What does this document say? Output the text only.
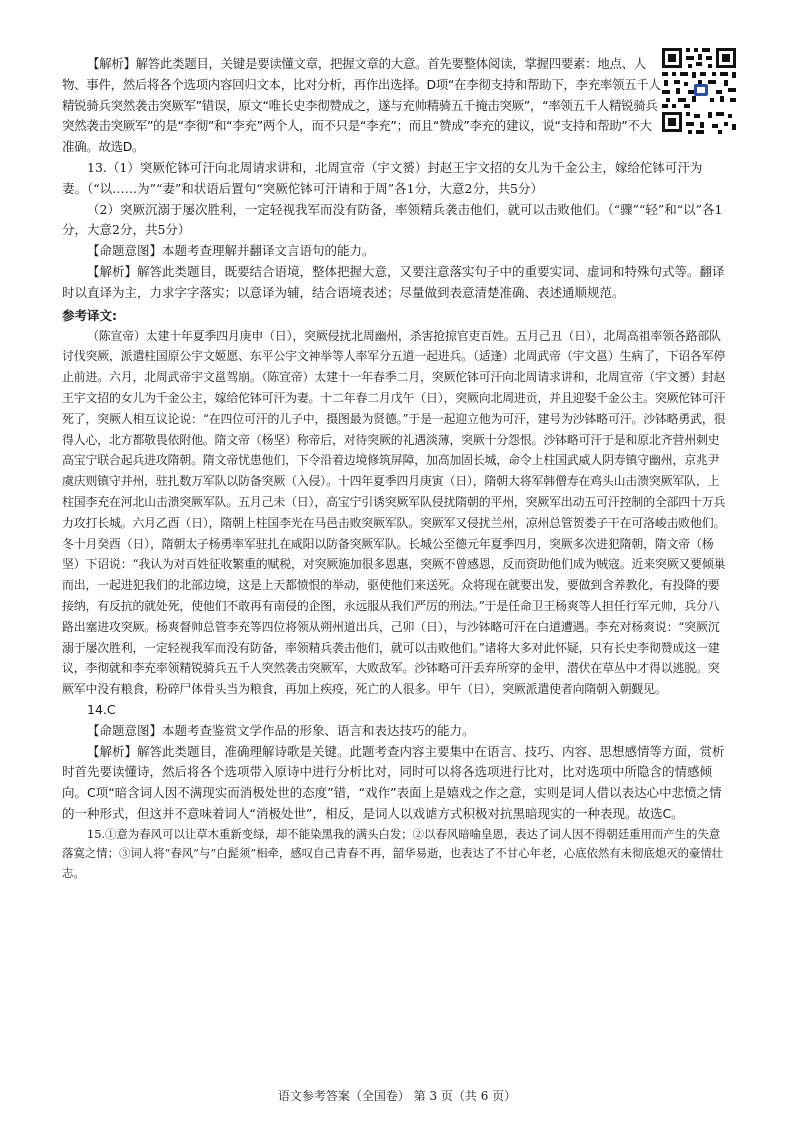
【解析】解答此类题目，关键是要读懂文章，把握文章的大意。首先要整体阅读，掌握四要素：地点、人物、事件，然后将各个选项内容回归文本，比对分析，再作出选择。D项“在李彻支持和帮助下，李充率领五千人精锐骑兵突然袭击突厥军”错误，原文“唯长史李彻赞成之，遂与充帅精骑五千掩击突厥”，“率领五千人精锐骑兵突然袭击突厥军”的是“李彻”和“李充”两个人，而不只是“李充”；而且“赞成”李充的建议，说“支持和帮助”不大准确。故选D。

13.（1）突厥佗钵可汗向北周请求讲和，北周宣帝（宇文赟）封赵王宇文招的女儿为千金公主，嫁给佗钵可汗为妻。（“以……为”“妻”和状语后置句“突厥佗钵可汗请和于周”各1分，大意2分，共5分）

（2）突厥沉溺于屡次胜利，一定轻视我军而没有防备，率领精兵袭击他们，就可以击败他们。（“骤”“轻”和“以”各1分，大意2分，共5分）

【命题意图】本题考查理解并翻译文言语句的能力。

【解析】解答此类题目，既要结合语境，整体把握大意，又要注意落实句子中的重要实词、虚词和特殊句式等。翻译时以直译为主，力求字字落实；以意译为辅，结合语境表述；尽量做到表意清楚准确、表述通顺规范。

参考译文:

（陈宣帝）太建十年夏季四月庚申（日），突厥侵扰北周幽州，杀害抢掠官吏百姓。五月己丑（日），北周高祖率领各路部队讨伐突厥，派遣柱国原公宇文姬愿、东平公宇文神举等人率军分五道一起进兵。（适逢）北周武帝（宇文邕）生病了，下诏各军停止前进。六月，北周武帝宇文邕驾崩。（陈宣帝）太建十一年春季二月，突厥佗钵可汗向北周请求讲和，北周宣帝（宇文赟）封赵王宇文招的女儿为千金公主，嫁给佗钵可汗为妻。十二年春二月戊午（日），突厥向北周进贡，并且迎娶千金公主。突厥佗钵可汗死了，突厥人相互议论说：“在四位可汗的儿子中，摄图最为贤德。”于是一起迎立他为可汗，建号为沙钵略可汗。沙钵略勇武，很得人心，北方都敬畏依附他。隋文帝（杨坚）称帝后，对待突厥的礼遇淡薄，突厥十分怨恨。沙钵略可汗于是和原北齐营州刺史高宝宁联合起兵进攻隋朝。隋文帝忧患他们，下令沿着边境修筑屏障，加高加固长城，命令上柱国武威人阴寿镇守幽州，京兆尹虞庆则镇守并州，驻扎数万军队以防备突厥（入侵）。十四年夏季四月庚寅（日），隋朝大将军韩僧寿在鸡头山击溃突厥军队，上柱国李充在河北山击溃突厥军队。五月己未（日），高宝宁引诱突厥军队侵扰隋朝的平州，突厥军出动五可汗控制的全部四十万兵力攻打长城。六月乙酉（日），隋朝上柱国李光在马邑击败突厥军队。突厥军又侵扰兰州，凉州总管贺娄子干在可洛峻击败他们。冬十月癸酉（日），隋朝太子杨勇率军驻扎在咸阳以防备突厥军队。长城公至德元年夏季四月，突厥多次进犯隋朝，隋文帝（杨坚）下诏说：“我认为对百姓征收繁重的赋税，对突厥施加很多恩惠，突厥不曾感恩，反而资助他们成为贼寇。近来突厥又要倾巢而出，一起进犯我们的北部边境，这是上天都愤恨的举动，驱使他们来送死。众将现在就要出发，要做到含养教化，有投降的要接纳，有反抗的就处死，使他们不敢再有南侵的企图，永远服从我们严厉的刑法。”于是任命卫王杨爽等人担任行军元帅，兵分八路出塞进攻突厥。杨爽督帅总管李充等四位将领从朔州道出兵，己卯（日），与沙钵略可汗在白道遭遇。李充对杨爽说：“突厥沉溺于屡次胜利，一定轻视我军而没有防备，率领精兵袭击他们，就可以击败他们。”诸将大多对此怀疑，只有长史李彻赞成这一建议，李彻就和李充率领精锐骑兵五千人突然袭击突厥军，大败敌军。沙钵略可汗丢弃所穿的金甲，潜伏在草丛中才得以逃脱。突厥军中没有粮食，粉碎尸体骨头当为粮食，再加上疾疫，死亡的人很多。甲午（日），突厥派遣使者向隋朝入朝觐见。

14.C

【命题意图】本题考查鉴赏文学作品的形象、语言和表达技巧的能力。

【解析】解答此类题目，准确理解诗歌是关键。此题考查内容主要集中在语言、技巧、内容、思想感情等方面，赏析时首先要读懂诗，然后将各个选项带入原诗中进行分析比对，同时可以将各选项进行比对，比对选项中所隐含的情感倾向。C项“暗含词人因不满现实而消极处世的态度”错，“戏作”表面上是嬉戏之作之意，实则是词人借以表达心中悲愤之情的一种形式，但这并不意味着词人“消极处世”，相反，是词人以戏谑方式积极对抗黑暗现实的一种表现。故选C。

15.①意为春风可以让草木重新变绿，却不能染黑我的满头白发；②以春风暗喻皇恩，表达了词人因不得朝廷重用而产生的失意落寞之情；③词人将“春风”与“白髭须”相牵，感叹自己青春不再，韶华易逝，也表达了不甘心年老，心底依然有未彻底熄灭的豪情壮志。

语文参考答案（全国卷） 第 3 页（共 6 页）
